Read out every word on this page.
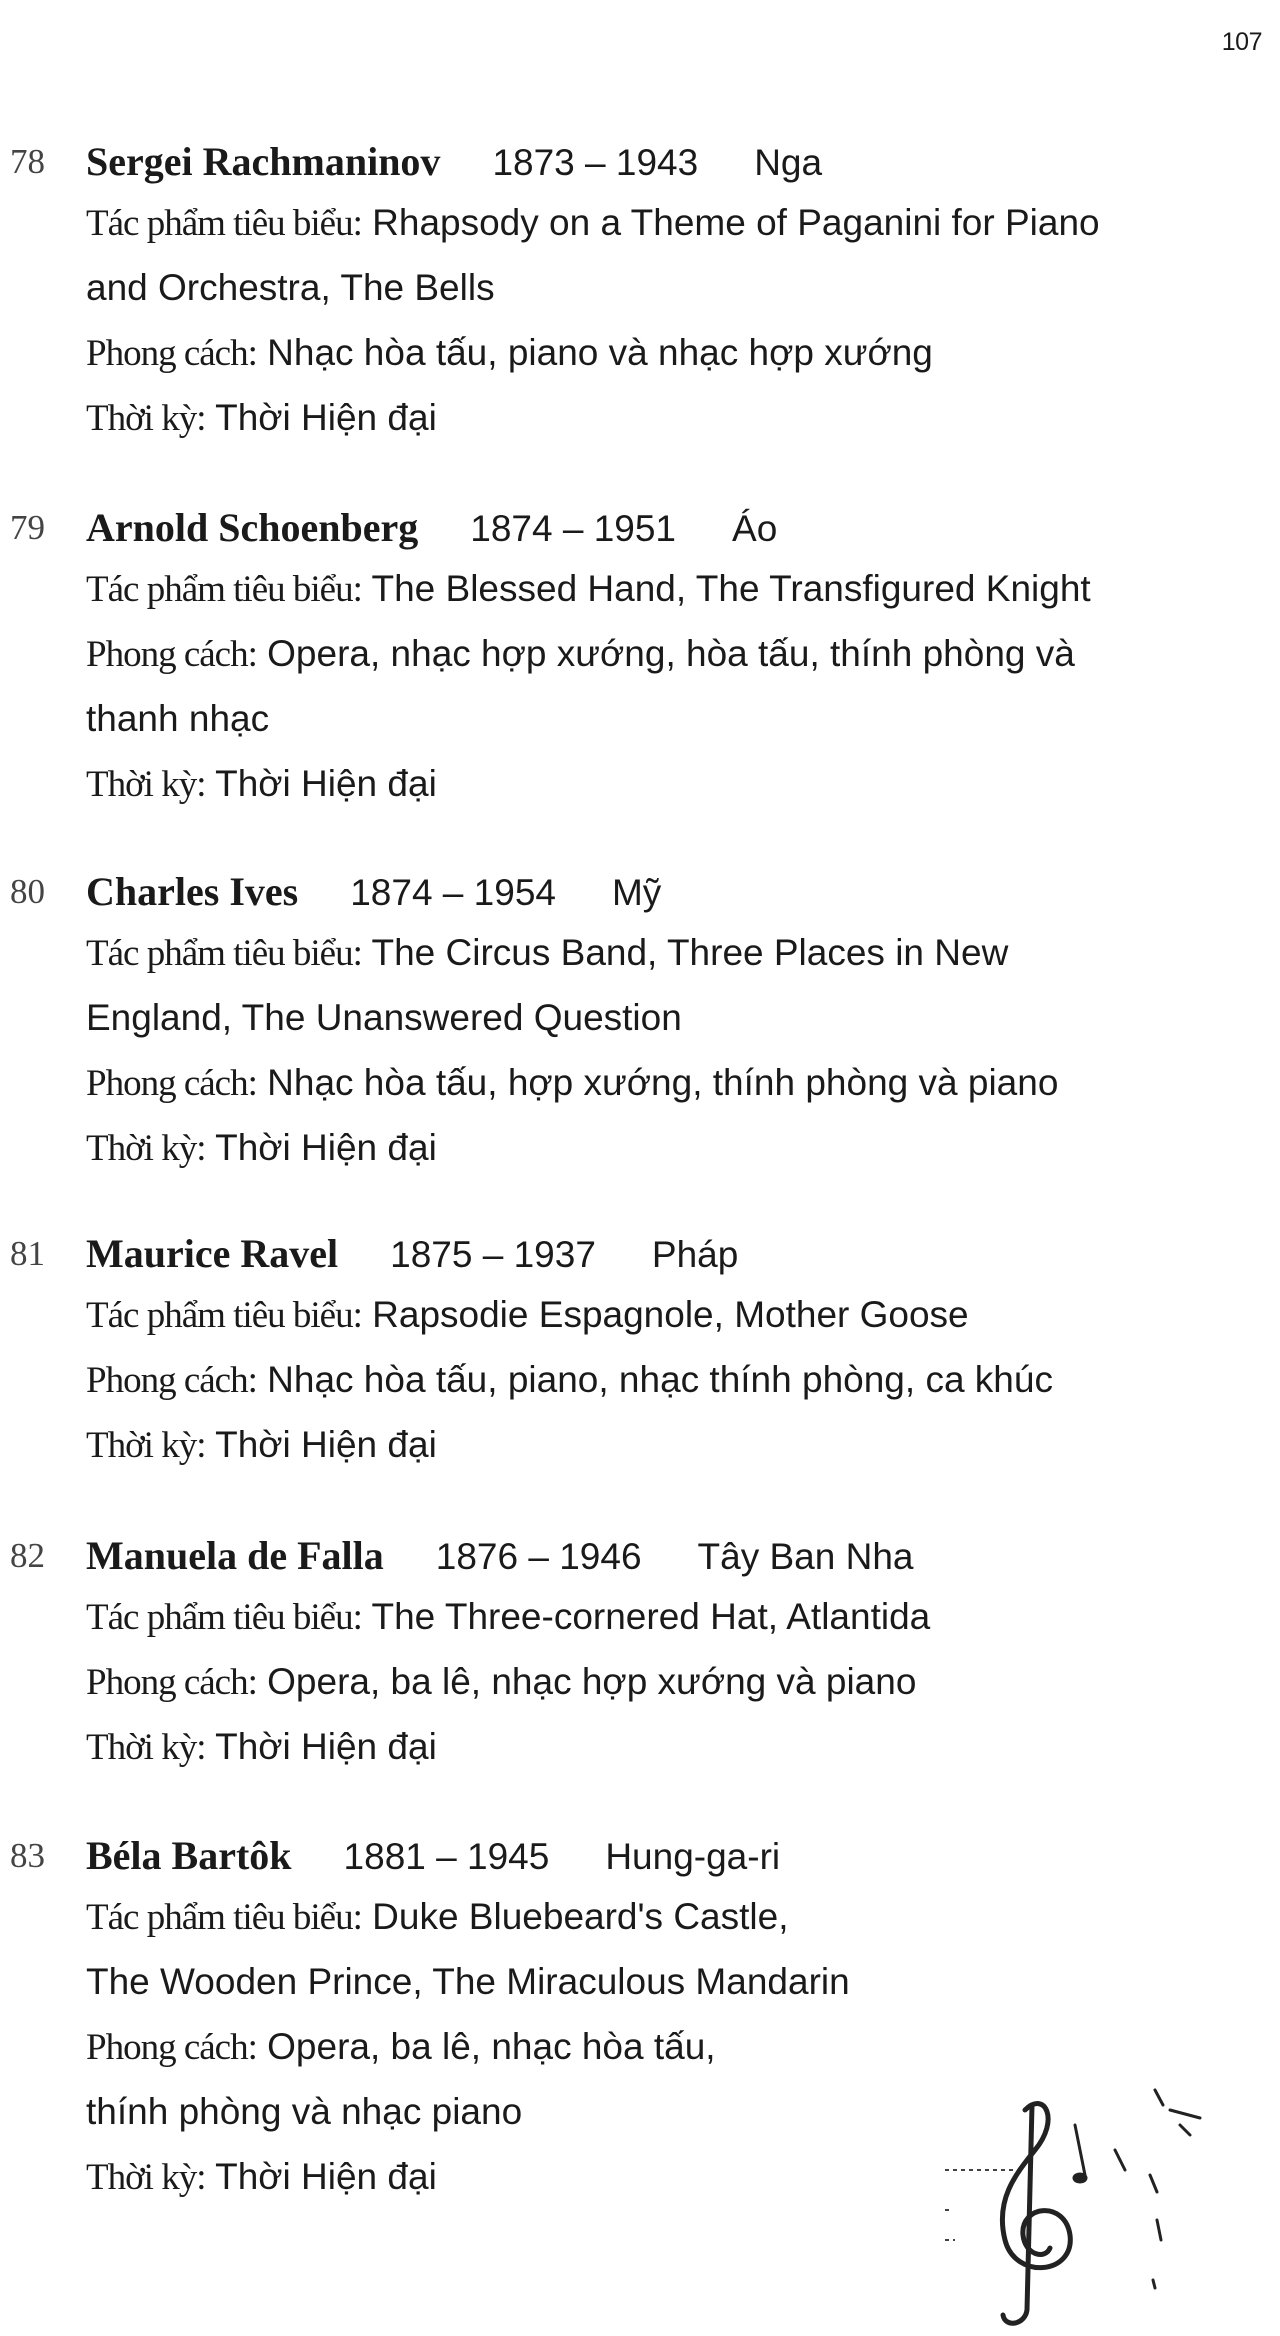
107
78 Sergei Rachmaninov 1873 – 1943 Nga
Tác phẩm tiêu biểu: Rhapsody on a Theme of Paganini for Piano
and Orchestra, The Bells
Phong cách: Nhạc hòa tấu, piano và nhạc hợp xướng
Thời kỳ: Thời Hiện đại
79 Arnold Schoenberg 1874 – 1951 Áo
Tác phẩm tiêu biểu: The Blessed Hand, The Transfigured Knight
Phong cách: Opera, nhạc hợp xướng, hòa tấu, thính phòng và
thanh nhạc
Thời kỳ: Thời Hiện đại
80 Charles Ives 1874 – 1954 Mỹ
Tác phẩm tiêu biểu: The Circus Band, Three Places in New
England, The Unanswered Question
Phong cách: Nhạc hòa tấu, hợp xướng, thính phòng và piano
Thời kỳ: Thời Hiện đại
81 Maurice Ravel 1875 – 1937 Pháp
Tác phẩm tiêu biểu: Rapsodie Espagnole, Mother Goose
Phong cách: Nhạc hòa tấu, piano, nhạc thính phòng, ca khúc
Thời kỳ: Thời Hiện đại
82 Manuela de Falla 1876 – 1946 Tây Ban Nha
Tác phẩm tiêu biểu: The Three-cornered Hat, Atlantida
Phong cách: Opera, ba lê, nhạc hợp xướng và piano
Thời kỳ: Thời Hiện đại
83 Béla Bartôk 1881 – 1945 Hung-ga-ri
Tác phẩm tiêu biểu: Duke Bluebeard's Castle,
The Wooden Prince, The Miraculous Mandarin
Phong cách: Opera, ba lê, nhạc hòa tấu,
thính phòng và nhạc piano
Thời kỳ: Thời Hiện đại
